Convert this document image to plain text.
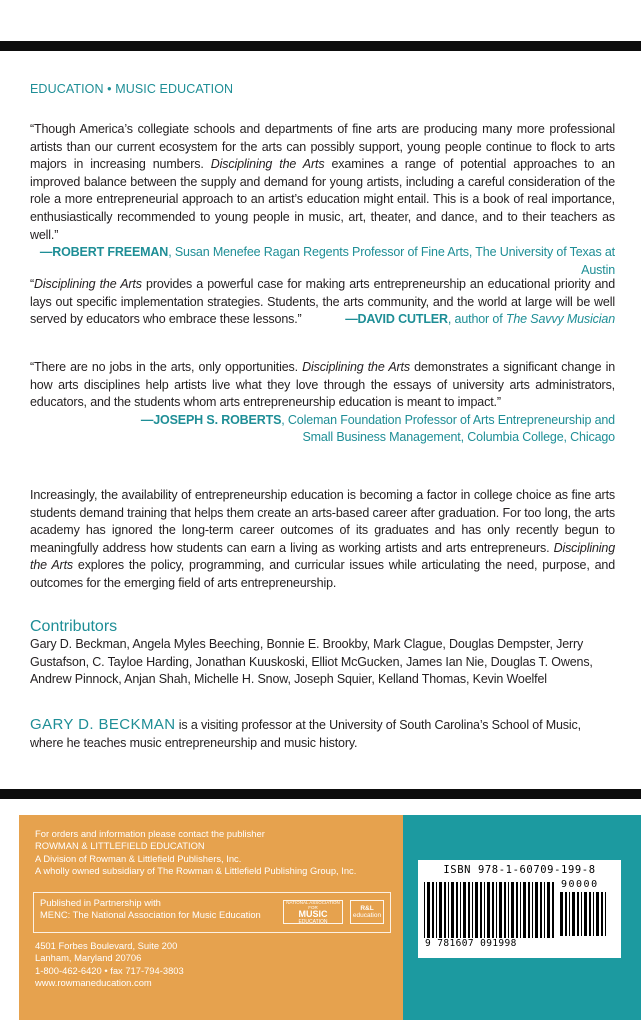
EDUCATION • MUSIC EDUCATION

“Though America’s collegiate schools and departments of fine arts are producing many more professional artists than our current ecosystem for the arts can possibly support, young people continue to flock to arts majors in increasing numbers. Disciplining the Arts examines a range of potential approaches to an improved balance between the supply and demand for young artists, including a careful consideration of the role a more entrepreneurial approach to an artist’s education might entail. This is a book of real importance, enthusiastically recommended to young people in music, art, theater, and dance, and to their teachers as well.”

—ROBERT FREEMAN, Susan Menefee Ragan Regents Professor of Fine Arts, The University of Texas at Austin

“Disciplining the Arts provides a powerful case for making arts entrepreneurship an educational priority and lays out specific implementation strategies. Students, the arts community, and the world at large will be well served by educators who embrace these lessons.”	—DAVID CUTLER, author of The Savvy Musician

“There are no jobs in the arts, only opportunities. Disciplining the Arts demonstrates a significant change in how arts disciplines help artists live what they love through the essays of university arts administrators, educators, and the students whom arts entrepreneurship education is meant to impact.”

—JOSEPH S. ROBERTS, Coleman Foundation Professor of Arts Entrepreneurship and

Small Business Management, Columbia College, Chicago

Increasingly, the availability of entrepreneurship education is becoming a factor in college choice as fine arts students demand training that helps them create an arts-based career after graduation. For too long, the arts academy has ignored the long-term career outcomes of its graduates and has only recently begun to meaningfully address how students can earn a living as working artists and arts entrepreneurs. Disciplining the Arts explores the policy, programming, and curricular issues while articulating the need, purpose, and outcomes for the emerging field of arts entrepreneurship.

Contributors
Gary D. Beckman, Angela Myles Beeching, Bonnie E. Brookby, Mark Clague, Douglas Dempster, Jerry Gustafson, C. Tayloe Harding, Jonathan Kuuskoski, Elliot McGucken, James Ian Nie, Douglas T. Owens, Andrew Pinnock, Anjan Shah, Michelle H. Snow, Joseph Squier, Kelland Thomas, Kevin Woelfel

GARY D. BECKMAN is a visiting professor at the University of South Carolina’s School of Music, where he teaches music entrepreneurship and music history.

For orders and information please contact the publisher
ROWMAN & LITTLEFIELD EDUCATION
A Division of Rowman & Littlefield Publishers, Inc.
A wholly owned subsidiary of The Rowman & Littlefield Publishing Group, Inc.
Published in Partnership with
MENC: The National Association for Music Education
NATIONAL ASSOCIATION FOR
MUSIC
EDUCATION
R&L
education
4501 Forbes Boulevard, Suite 200
Lanham, Maryland 20706
1-800-462-6420 • fax 717-794-3803
www.rowmaneducation.com
ISBN 978-1-60709-199-8
90000
9 781607 091998
